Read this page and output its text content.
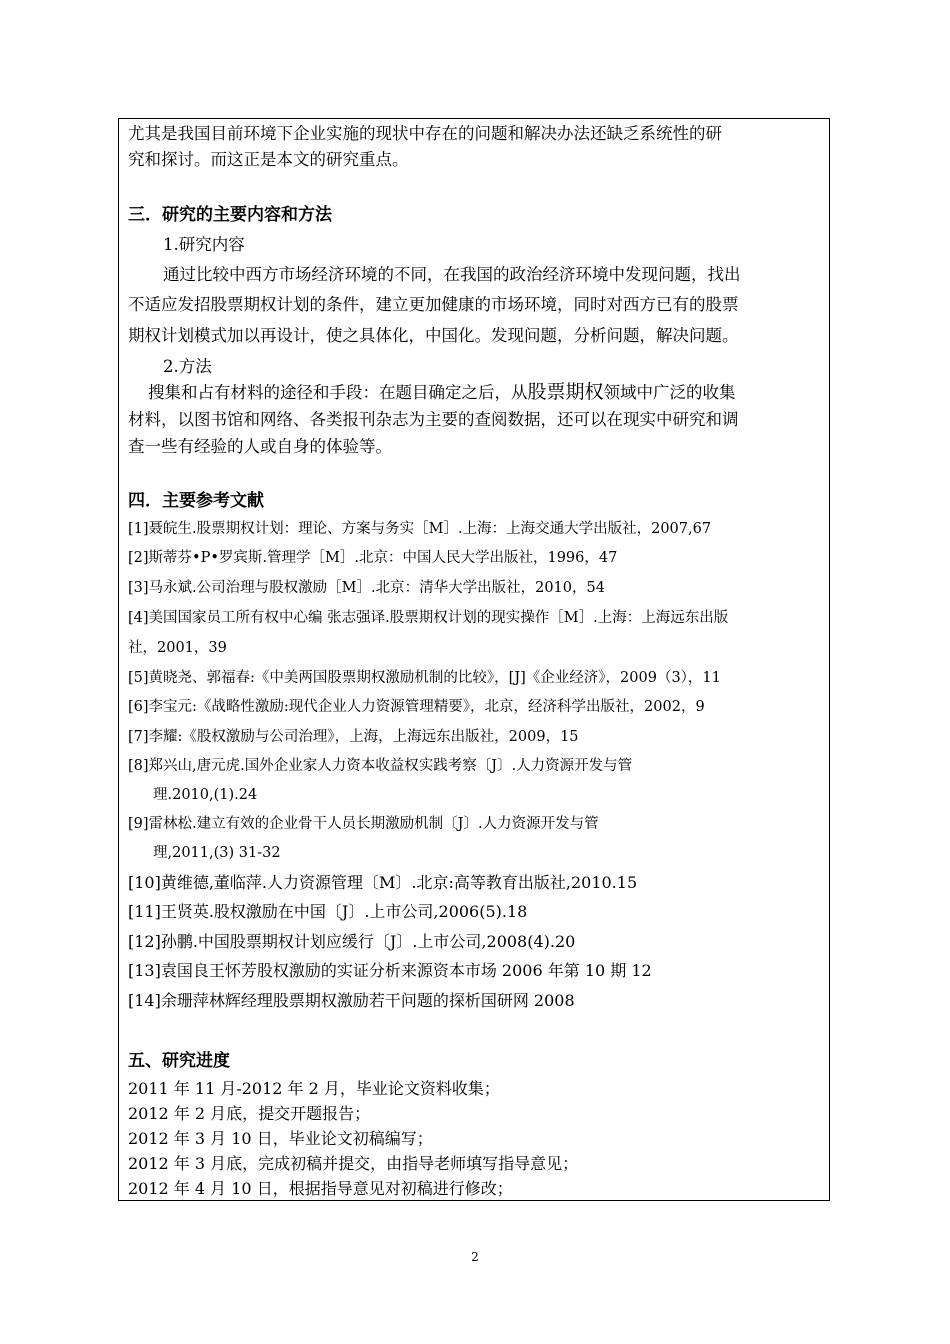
尤其是我国目前环境下企业实施的现状中存在的问题和解决办法还缺乏系统性的研
究和探讨。而这正是本文的研究重点。
三．研究的主要内容和方法
1.研究内容
通过比较中西方市场经济环境的不同，在我国的政治经济环境中发现问题，找出
不适应发招股票期权计划的条件，建立更加健康的市场环境，同时对西方已有的股票
期权计划模式加以再设计，使之具体化，中国化。发现问题，分析问题，解决问题。
2.方法
搜集和占有材料的途径和手段：在题目确定之后，从股票期权领域中广泛的收集
材料，以图书馆和网络、各类报刊杂志为主要的查阅数据，还可以在现实中研究和调
查一些有经验的人或自身的体验等。
四．主要参考文献
[1]聂皖生.股票期权计划：理论、方案与务实［M］.上海：上海交通大学出版社，2007,67
[2]斯蒂芬•P•罗宾斯.管理学［M］.北京：中国人民大学出版社，1996，47
[3]马永斌.公司治理与股权激励［M］.北京：清华大学出版社，2010，54
[4]美国国家员工所有权中心编 张志强译.股票期权计划的现实操作［M］.上海：上海远东出版
社，2001，39
[5]黄晓尧、郭福春:《中美两国股票期权激励机制的比较》，[J]《企业经济》，2009（3），11
[6]李宝元:《战略性激励:现代企业人力资源管理精要》，北京，经济科学出版社，2002，9
[7]李耀:《股权激励与公司治理》，上海，上海远东出版社，2009，15
[8]郑兴山,唐元虎.国外企业家人力资本收益权实践考察〔J〕.人力资源开发与管
理.2010,(1).24
[9]雷林松.建立有效的企业骨干人员长期激励机制〔J〕.人力资源开发与管
理,2011,(3) 31-32
[10]黄维德,董临萍.人力资源管理〔M〕.北京:高等教育出版社,2010.15
[11]王贤英.股权激励在中国〔J〕.上市公司,2006(5).18
[12]孙鹏.中国股票期权计划应缓行〔J〕.上市公司,2008(4).20
[13]袁国良王怀芳股权激励的实证分析来源资本市场 2006 年第 10 期 12
[14]余珊萍林辉经理股票期权激励若干问题的探析国研网 2008
五、研究进度
2011 年 11 月-2012 年 2 月，毕业论文资料收集；
2012 年 2 月底，提交开题报告；
2012 年 3 月 10 日，毕业论文初稿编写；
2012 年 3 月底，完成初稿并提交，由指导老师填写指导意见；
2012 年 4 月 10 日，根据指导意见对初稿进行修改；
2
